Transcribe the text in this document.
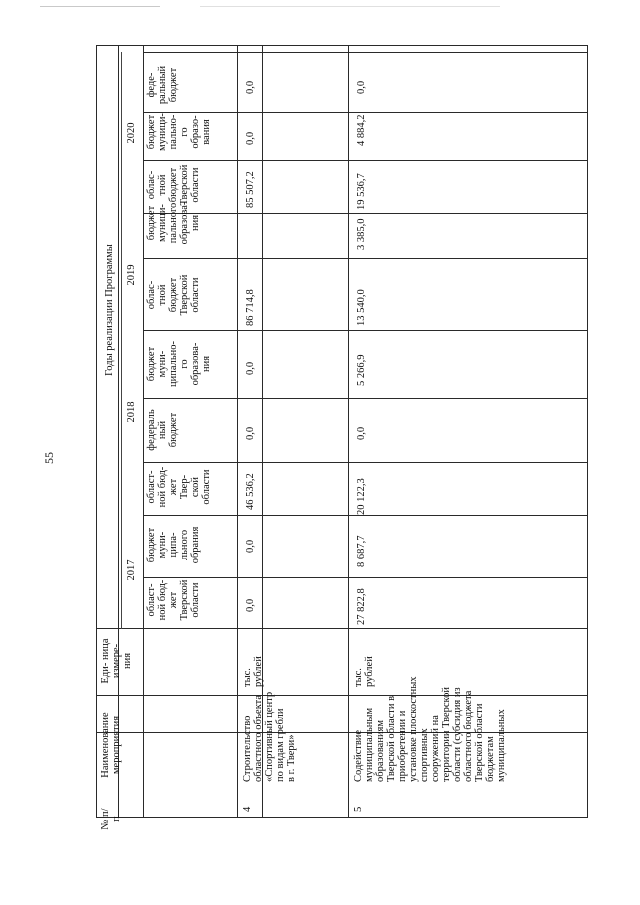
55
№ п/п
Наименование мероприятия
Еди- ница измере- ния
Годы реализации Программы
2017
2018
2019
2020
област- ной бюд- жет Тверской области
бюджет муни- ципа- льного обрания
област- ной бюд- жет Твер- ской области
федераль ный бюджет
бюджет муни- ципально- го образова- ния
облас- тной бюджет Тверской области
бюджет муници- пального образова- ния
облас- тной бюджет Тверской области
бюджет муници- пально- го образо- вания
феде- ральный бюджет
4
Строительство областного объекта «Спортивный центр по видам гребли в г. Твери»
тыс. рублей
0,0
0,0
46 536,2
0,0
0,0
86 714,8
85 507,2
0,0
0,0
5
Содействие муниципальным образованиям Тверской области в приобретении и установке плоскостных спортивных сооружений на территории Тверской области (субсидия из областного бюджета Тверской области бюджетам муниципальных
тыс. рублей
27 822,8
8 687,7
20 122,3
0,0
5 266,9
13 540,0
3 385,0
19 536,7
4 884,2
0,0
